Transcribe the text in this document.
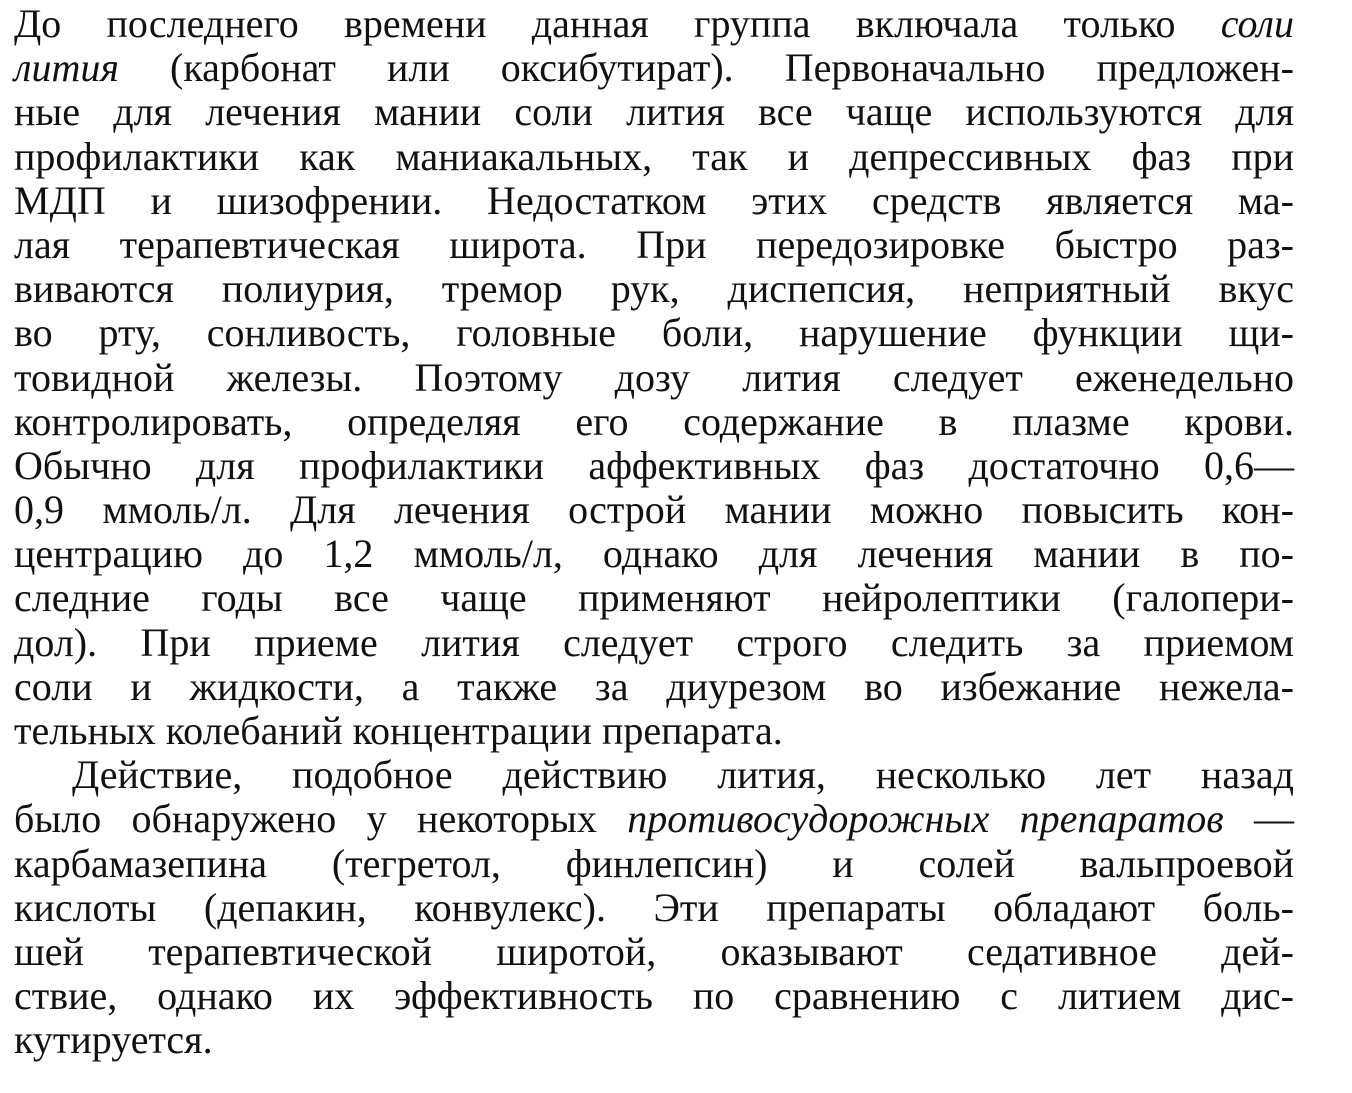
До последнего времени данная группа включала только соли
лития (карбонат или оксибутират). Первоначально предложен-
ные для лечения мании соли лития все чаще используются для
профилактики как маниакальных, так и депрессивных фаз при
МДП и шизофрении. Недостатком этих средств является ма-
лая терапевтическая широта. При передозировке быстро раз-
виваются полиурия, тремор рук, диспепсия, неприятный вкус
во рту, сонливость, головные боли, нарушение функции щи-
товидной железы. Поэтому дозу лития следует еженедельно
контролировать, определяя его содержание в плазме крови.
Обычно для профилактики аффективных фаз достаточно 0,6—
0,9 ммоль/л. Для лечения острой мании можно повысить кон-
центрацию до 1,2 ммоль/л, однако для лечения мании в по-
следние годы все чаще применяют нейролептики (галопери-
дол). При приеме лития следует строго следить за приемом
соли и жидкости, а также за диурезом во избежание нежела-
тельных колебаний концентрации препарата.
Действие, подобное действию лития, несколько лет назад
было обнаружено у некоторых противосудорожных препаратов —
карбамазепина (тегретол, финлепсин) и солей вальпроевой
кислоты (депакин, конвулекс). Эти препараты обладают боль-
шей терапевтической широтой, оказывают седативное дей-
ствие, однако их эффективность по сравнению с литием дис-
кутируется.
